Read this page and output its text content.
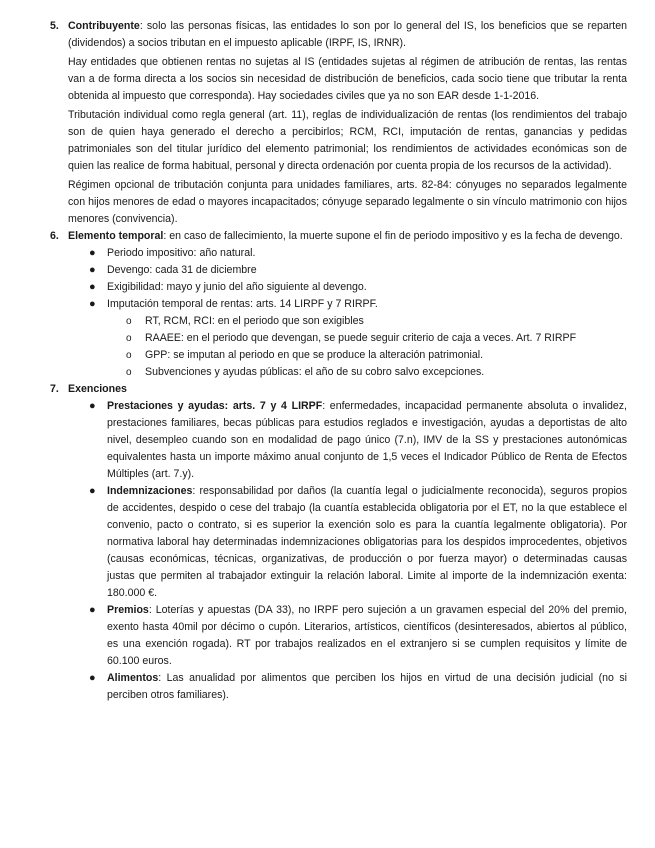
5. Contribuyente: solo las personas físicas, las entidades lo son por lo general del IS, los beneficios que se reparten (dividendos) a socios tributan en el impuesto aplicable (IRPF, IS, IRNR).

Hay entidades que obtienen rentas no sujetas al IS (entidades sujetas al régimen de atribución de rentas, las rentas van a de forma directa a los socios sin necesidad de distribución de beneficios, cada socio tiene que tributar la renta obtenida al impuesto que corresponda). Hay sociedades civiles que ya no son EAR desde 1-1-2016.

Tributación individual como regla general (art. 11), reglas de individualización de rentas (los rendimientos del trabajo son de quien haya generado el derecho a percibirlos; RCM, RCI, imputación de rentas, ganancias y pedidas patrimoniales son del titular jurídico del elemento patrimonial; los rendimientos de actividades económicas son de quien las realice de forma habitual, personal y directa ordenación por cuenta propia de los recursos de la actividad).

Régimen opcional de tributación conjunta para unidades familiares, arts. 82-84: cónyuges no separados legalmente con hijos menores de edad o mayores incapacitados; cónyuge separado legalmente o sin vínculo matrimonio con hijos menores (convivencia).

6. Elemento temporal: en caso de fallecimiento, la muerte supone el fin de periodo impositivo y es la fecha de devengo.

● Periodo impositivo: año natural.
● Devengo: cada 31 de diciembre
● Exigibilidad: mayo y junio del año siguiente al devengo.
● Imputación temporal de rentas: arts. 14 LIRPF y 7 RIRPF.
o RT, RCM, RCI: en el periodo que son exigibles
o RAAEE: en el periodo que devengan, se puede seguir criterio de caja a veces. Art. 7 RIRPF
o GPP: se imputan al periodo en que se produce la alteración patrimonial.
o Subvenciones y ayudas públicas: el año de su cobro salvo excepciones.
7. Exenciones

● Prestaciones y ayudas: arts. 7 y 4 LIRPF: enfermedades, incapacidad permanente absoluta o invalidez, prestaciones familiares, becas públicas para estudios reglados e investigación, ayudas a deportistas de alto nivel, desempleo cuando son en modalidad de pago único (7.n), IMV de la SS y prestaciones autonómicas equivalentes hasta un importe máximo anual conjunto de 1,5 veces el Indicador Público de Renta de Efectos Múltiples (art. 7.y).
● Indemnizaciones: responsabilidad por daños (la cuantía legal o judicialmente reconocida), seguros propios de accidentes, despido o cese del trabajo (la cuantía establecida obligatoria por el ET, no la que establece el convenio, pacto o contrato, si es superior la exención solo es para la cuantía legalmente obligatoria). Por normativa laboral hay determinadas indemnizaciones obligatorias para los despidos improcedentes, objetivos (causas económicas, técnicas, organizativas, de producción o por fuerza mayor) o determinadas causas justas que permiten al trabajador extinguir la relación laboral. Limite al importe de la indemnización exenta: 180.000 €.
● Premios: Loterías y apuestas (DA 33), no IRPF pero sujeción a un gravamen especial del 20% del premio, exento hasta 40mil por décimo o cupón. Literarios, artísticos, científicos (desinteresados, abiertos al público, es una exención rogada). RT por trabajos realizados en el extranjero si se cumplen requisitos y límite de 60.100 euros.
● Alimentos: Las anualidad por alimentos que perciben los hijos en virtud de una decisión judicial (no si perciben otros familiares).
